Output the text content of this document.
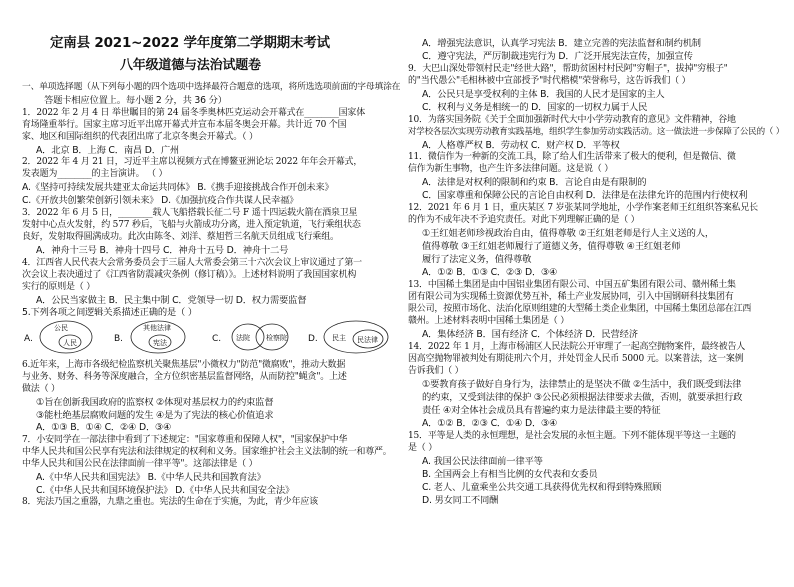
定南县 2021~2022 学年度第二学期期末考试
八年级道德与法治试题卷
一、单项选择题（从下列每小题的四个选项中选择最符合题意的选项，将所选选项前面的字母填涂在
答题卡相应位置上。每小题 2 分，共 36 分）
1．2022 年 2 月 4 日 举世瞩目的第 24 届冬季奥林匹克运动会开幕式在________国家体
育场隆重举行。国家主席习近平出席开幕式并宣布本届冬奥会开幕。共计近 70 个国
家、地区和国际组织的代表团出席了北京冬奥会开幕式。（ ）
A．北京 B．上海 C．南昌 D．广州
2．2022 年 4 月 21 日，习近平主席以视频方式在博鳌亚洲论坛 2022 年年会开幕式，
发表题为________的主旨演讲。 （ ）
A.《坚持可持续发展共建亚太命运共同体》 B.《携手迎接挑战合作开创未来》
C.《开放共创繁荣创新引领未来》 D.《加强抗疫合作共谋人民幸福》
3．2022 年 6 月 5 日，________载人飞船搭载长征二号 F 遥十四运载火箭在酒泉卫星
发射中心点火发射，约 577 秒后，飞船与火箭成功分离，进入预定轨道，飞行乘组状态
良好，发射取得圆满成功。此次由陈冬、刘洋、蔡旭哲三名航天员组成飞行乘组。
A．神舟十三号 B．神舟十四号 C．神舟十五号 D．神舟十二号
4．江西省人民代表大会常务委员会于三届人大常委会第三十六次会议上审议通过了第一
次会议上表决通过了《江西省防震减灾条例（修订稿）》。上述材料说明了我国国家机构
实行的原则是（ ）
A．公民当家做主 B．民主集中制 C．党领导一切 D．权力需要监督
5.下列各项之间逻辑关系描述正确的是（ ）
6.近年来，上海市各级纪检监察机关聚焦基层"小微权力"防范"微腐败"，推动大数据
与业务、财务、科务等深度融合，全方位织密基层监督网络，从而防控"蝇贪"。上述
做法（ ）
①旨在创新我国政府的监察权 ②体现对基层权力的约束监督
③能杜绝基层腐败问题的发生 ④是为了宪法的核心价值追求
A．①③ B．①④ C．②④ D．③④
7．小安同学在一部法律中看到了下述规定："国家尊重和保障人权"，"国家保护中华
中华人民共和国公民享有宪法和法律规定的权利和义务。国家维护社会主义法制的统一和尊严。
中华人民共和国公民在法律面前一律平等"。这部法律是（ ）
A.《中华人民共和国宪法》 B.《中华人民共和国教育法》
C.《中华人民共和国环境保护法》 D.《中华人民共和国安全法》
8．宪法乃国之重器，九鼎之重也。宪法的生命在于实施，为此，青少年应该
A.
公民
人民	B.
其他法律
宪法	C. 法院 检察院 D. 民主 民法律
A．增强宪法意识，认真学习宪法 B．建立完善的宪法监督和制约机制
C．遵守宪法，严厉制裁违宪行为 D．广泛开展宪法宣传，加强宣传
9．大巴山深处带领村民走"经世大路"，帮助贫困村村民阿"穷帽子"，拔掉"穷根子"
的"当代愚公"毛相林被中宣部授予"时代楷模"荣誉称号，这告诉我们（ ）
A．公民只是享受权利的主体 B．我国的人民才是国家的主人
C．权利与义务是相统一的 D．国家的一切权力属于人民
10．为落实国务院《关于全面加强新时代大中小学劳动教育的意见》文件精神，谷地
对学校各层次实现劳动教育实践基地，组织学生参加劳动实践活动。这一做法进一步保障了公民的（ ）
A．人格尊严权 B．劳动权 C．财产权 D．平等权
11．微信作为一种新的交流工具，除了给人们生活带来了极大的便利，但是微信、微
信作为新生事物，也产生许多法律问题。这是说（ ）
A．法律是对权利的限制和约束 B．言论自由是有限制的
C．国家尊重和保障公民的言论自由权利 D．法律是在法律允许的范围内行使权利
12．2021 年 6 月 1 日，重庆某区 7 岁张某同学地址，小学作案老师王红组织答案私兄长
的作为不成年决不予追究责任。对此下列理解正确的是（ ）
①王红姐老师珍视政治自由，值得尊敬 ②王红姐老师是行人主义送的人，
值得尊敬 ③王红姐老师履行了道德义务，值得尊敬 ④王红姐老师
履行了法定义务，值得尊敬
A．①② B．①③ C．②③ D．③④
13．中国稀土集团是由中国铝业集团有限公司、中国五矿集团有限公司、赣州稀土集
团有限公司为实现稀土资源优势互补，稀土产业发展协同，引入中国钢研科技集团有
限公司，按照市场化、法治化原则组建的大型稀土类企业集团，中国稀土集团总部在江西
赣州。上述材料表明中国稀土集团是（ ）
A．集体经济 B．国有经济 C．个体经济 D．民营经济
14．2022 年 1 月，上海市杨浦区人民法院公开审理了一起高空抛物案件，最终被告人
因高空抛物罪被判处有期徒刑六个月，并处罚金人民币 5000 元。以案普法，这一案例
告诉我们（ ）
①要教育孩子做好自身行为，法律禁止的是坚决不做 ②生活中，我们既受到法律
的约束，又受到法律的保护 ③公民必须根据法律要求去做，否则，就要承担行政
责任 ④对全体社会成员具有普遍约束力是法律最主要的特征
A．①② B．②③ C．①④ D．③④
15．平等是人类的永恒理想，是社会发展的永恒主题。下列不能体现平等这一主题的
是（ ）
A. 我国公民法律面前一律平等
B. 全国两会上有相当比例的女代表和女委员
C. 老人、儿童乘坐公共交通工具获得优先权和得到特殊照顾
D. 男女同工不同酬
